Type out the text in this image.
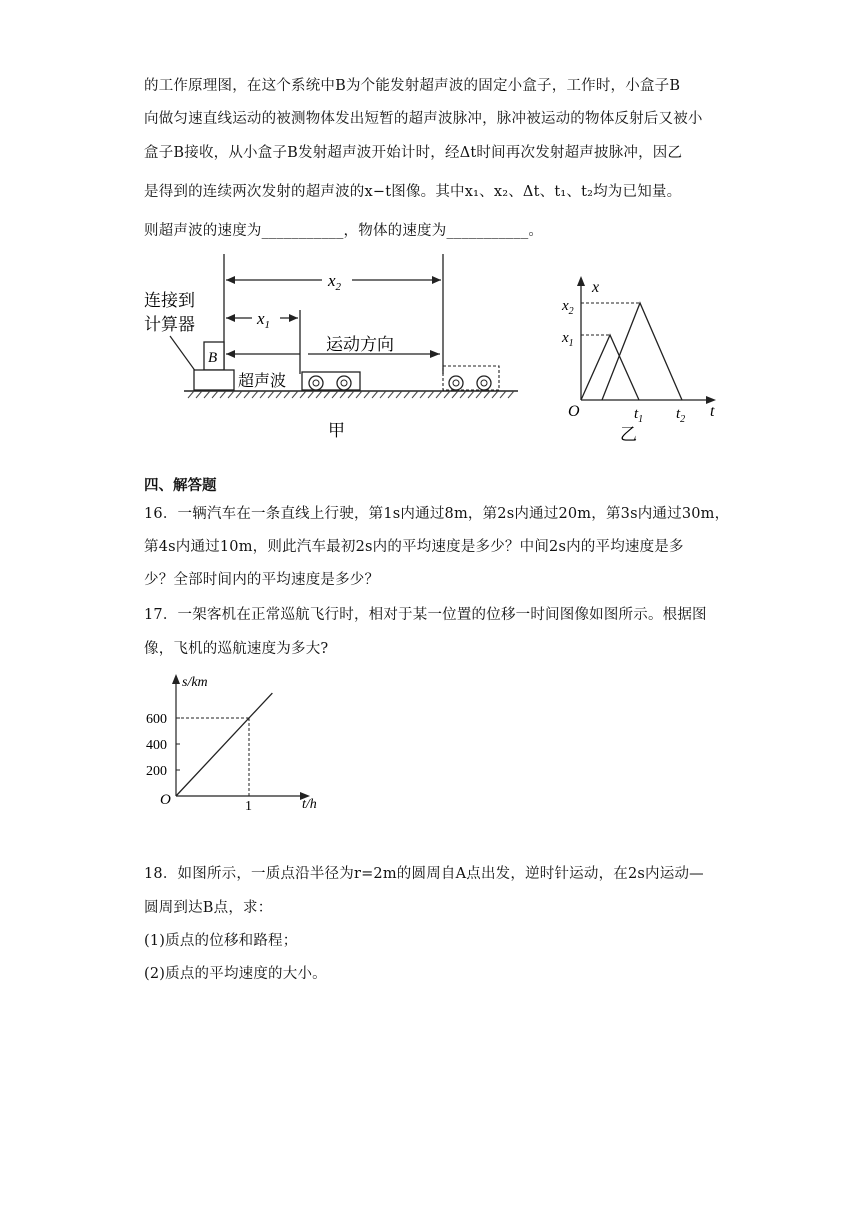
的工作原理图，在这个系统中B为个能发射超声波的固定小盒子，工作时，小盒子B
向做匀速直线运动的被测物体发出短暂的超声波脉冲，脉冲被运动的物体反射后又被小
盒子B接收，从小盒子B发射超声波开始计时，经Δt时间再次发射超声披脉冲，因乙
是得到的连续两次发射的超声波的x−t图像。其中x₁、x₂、Δt、t₁、t₂均为已知量。
则超声波的速度为___________，物体的速度为___________。
$x_2$
$x_1$
连接到
计算器
B
超声波
运动方向
甲
x
t
O
$x_2$
$x_1$
$t_1$ $t_2$
乙
四、解答题
16．一辆汽车在一条直线上行驶，第1s内通过8m，第2s内通过20m，第3s内通过30m，
第4s内通过10m，则此汽车最初2s内的平均速度是多少？中间2s内的平均速度是多
少？全部时间内的平均速度是多少？
17．一架客机在正常巡航飞行时，相对于某一位置的位移一时间图像如图所示。根据图
像，飞机的巡航速度为多大?
s/km
t/h
O
200
400
600
1
18．如图所示，一质点沿半径为r=2m的圆周自A点出发，逆时针运动，在2s内运动—
圆周到达B点，求：
(1)质点的位移和路程；
(2)质点的平均速度的大小。
